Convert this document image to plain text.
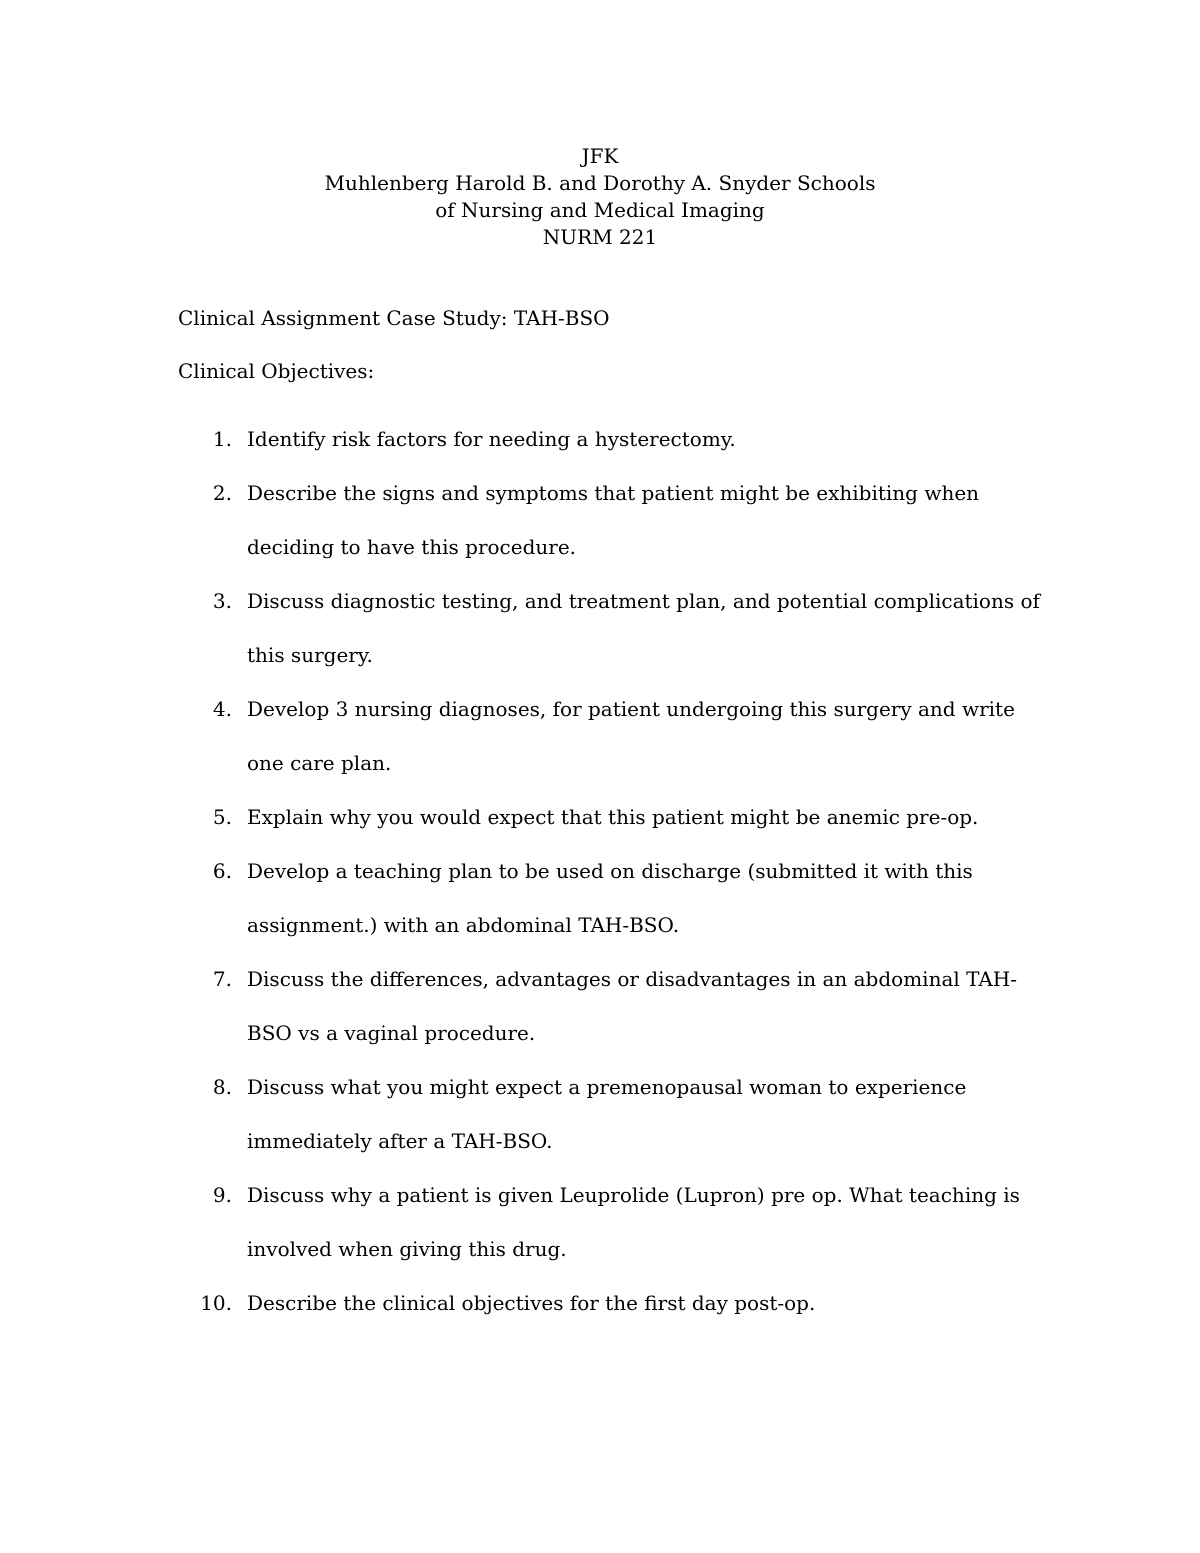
JFK
Muhlenberg Harold B. and Dorothy A. Snyder Schools
of Nursing and Medical Imaging
NURM 221
Clinical Assignment Case Study: TAH-BSO
Clinical Objectives:
1. Identify risk factors for needing a hysterectomy.
2. Describe the signs and symptoms that patient might be exhibiting when
deciding to have this procedure.
3. Discuss diagnostic testing, and treatment plan, and potential complications of
this surgery.
4. Develop 3 nursing diagnoses, for patient undergoing this surgery and write
one care plan.
5. Explain why you would expect that this patient might be anemic pre-op.
6. Develop a teaching plan to be used on discharge (submitted it with this
assignment.) with an abdominal TAH-BSO.
7. Discuss the differences, advantages or disadvantages in an abdominal TAH-
BSO vs a vaginal procedure.
8. Discuss what you might expect a premenopausal woman to experience
immediately after a TAH-BSO.
9. Discuss why a patient is given Leuprolide (Lupron) pre op. What teaching is
involved when giving this drug.
10. Describe the clinical objectives for the first day post-op.
